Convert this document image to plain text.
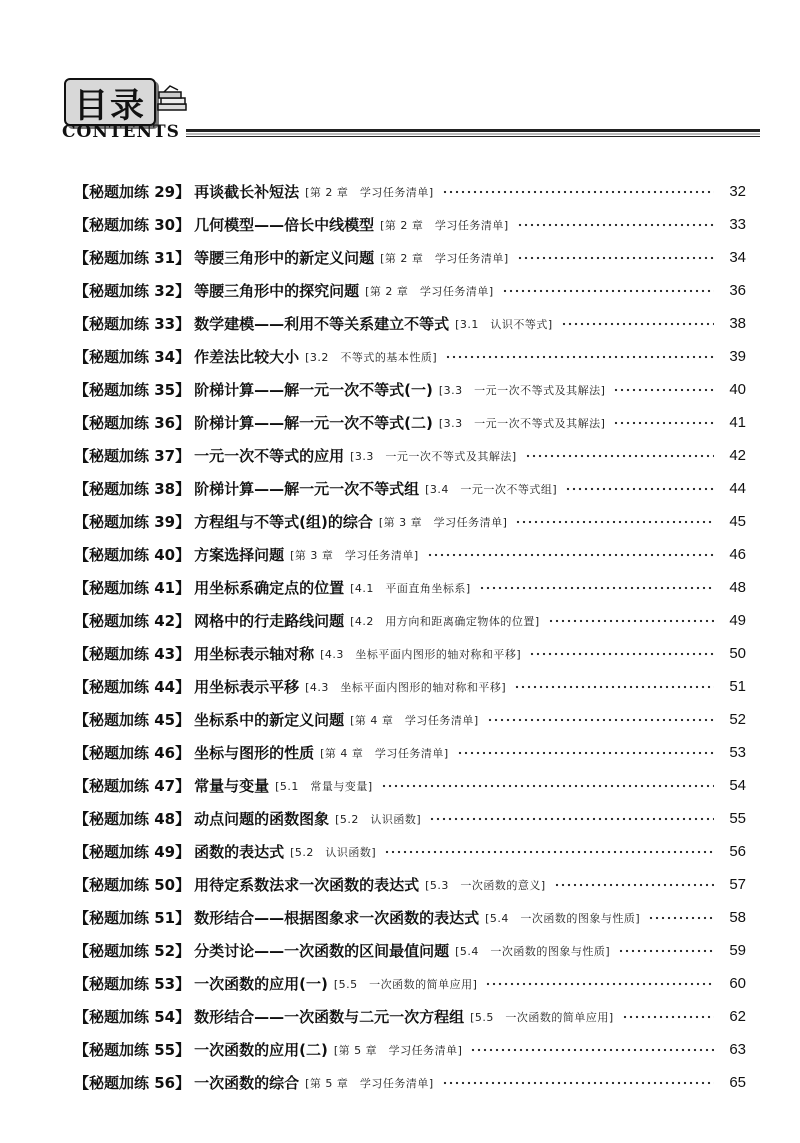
目录
CONTENTS
【秘题加练 29】 再谈截长补短法 [第 2 章　学习任务清单]	32
【秘题加练 30】 几何模型——倍长中线模型 [第 2 章　学习任务清单]	33
【秘题加练 31】 等腰三角形中的新定义问题 [第 2 章　学习任务清单]	34
【秘题加练 32】 等腰三角形中的探究问题 [第 2 章　学习任务清单]	36
【秘题加练 33】 数学建模——利用不等关系建立不等式 [3.1　认识不等式]	38
【秘题加练 34】 作差法比较大小 [3.2　不等式的基本性质]	39
【秘题加练 35】 阶梯计算——解一元一次不等式(一) [3.3　一元一次不等式及其解法]	40
【秘题加练 36】 阶梯计算——解一元一次不等式(二) [3.3　一元一次不等式及其解法]	41
【秘题加练 37】 一元一次不等式的应用 [3.3　一元一次不等式及其解法]	42
【秘题加练 38】 阶梯计算——解一元一次不等式组 [3.4　一元一次不等式组]	44
【秘题加练 39】 方程组与不等式(组)的综合 [第 3 章　学习任务清单]	45
【秘题加练 40】 方案选择问题 [第 3 章　学习任务清单]	46
【秘题加练 41】 用坐标系确定点的位置 [4.1　平面直角坐标系]	48
【秘题加练 42】 网格中的行走路线问题 [4.2　用方向和距离确定物体的位置]	49
【秘题加练 43】 用坐标表示轴对称 [4.3　坐标平面内图形的轴对称和平移]	50
【秘题加练 44】 用坐标表示平移 [4.3　坐标平面内图形的轴对称和平移]	51
【秘题加练 45】 坐标系中的新定义问题 [第 4 章　学习任务清单]	52
【秘题加练 46】 坐标与图形的性质 [第 4 章　学习任务清单]	53
【秘题加练 47】 常量与变量 [5.1　常量与变量]	54
【秘题加练 48】 动点问题的函数图象 [5.2　认识函数]	55
【秘题加练 49】 函数的表达式 [5.2　认识函数]	56
【秘题加练 50】 用待定系数法求一次函数的表达式 [5.3　一次函数的意义]	57
【秘题加练 51】 数形结合——根据图象求一次函数的表达式 [5.4　一次函数的图象与性质]	58
【秘题加练 52】 分类讨论——一次函数的区间最值问题 [5.4　一次函数的图象与性质]	59
【秘题加练 53】 一次函数的应用(一) [5.5　一次函数的简单应用]	60
【秘题加练 54】 数形结合——一次函数与二元一次方程组 [5.5　一次函数的简单应用]	62
【秘题加练 55】 一次函数的应用(二) [第 5 章　学习任务清单]	63
【秘题加练 56】 一次函数的综合 [第 5 章　学习任务清单]	65
